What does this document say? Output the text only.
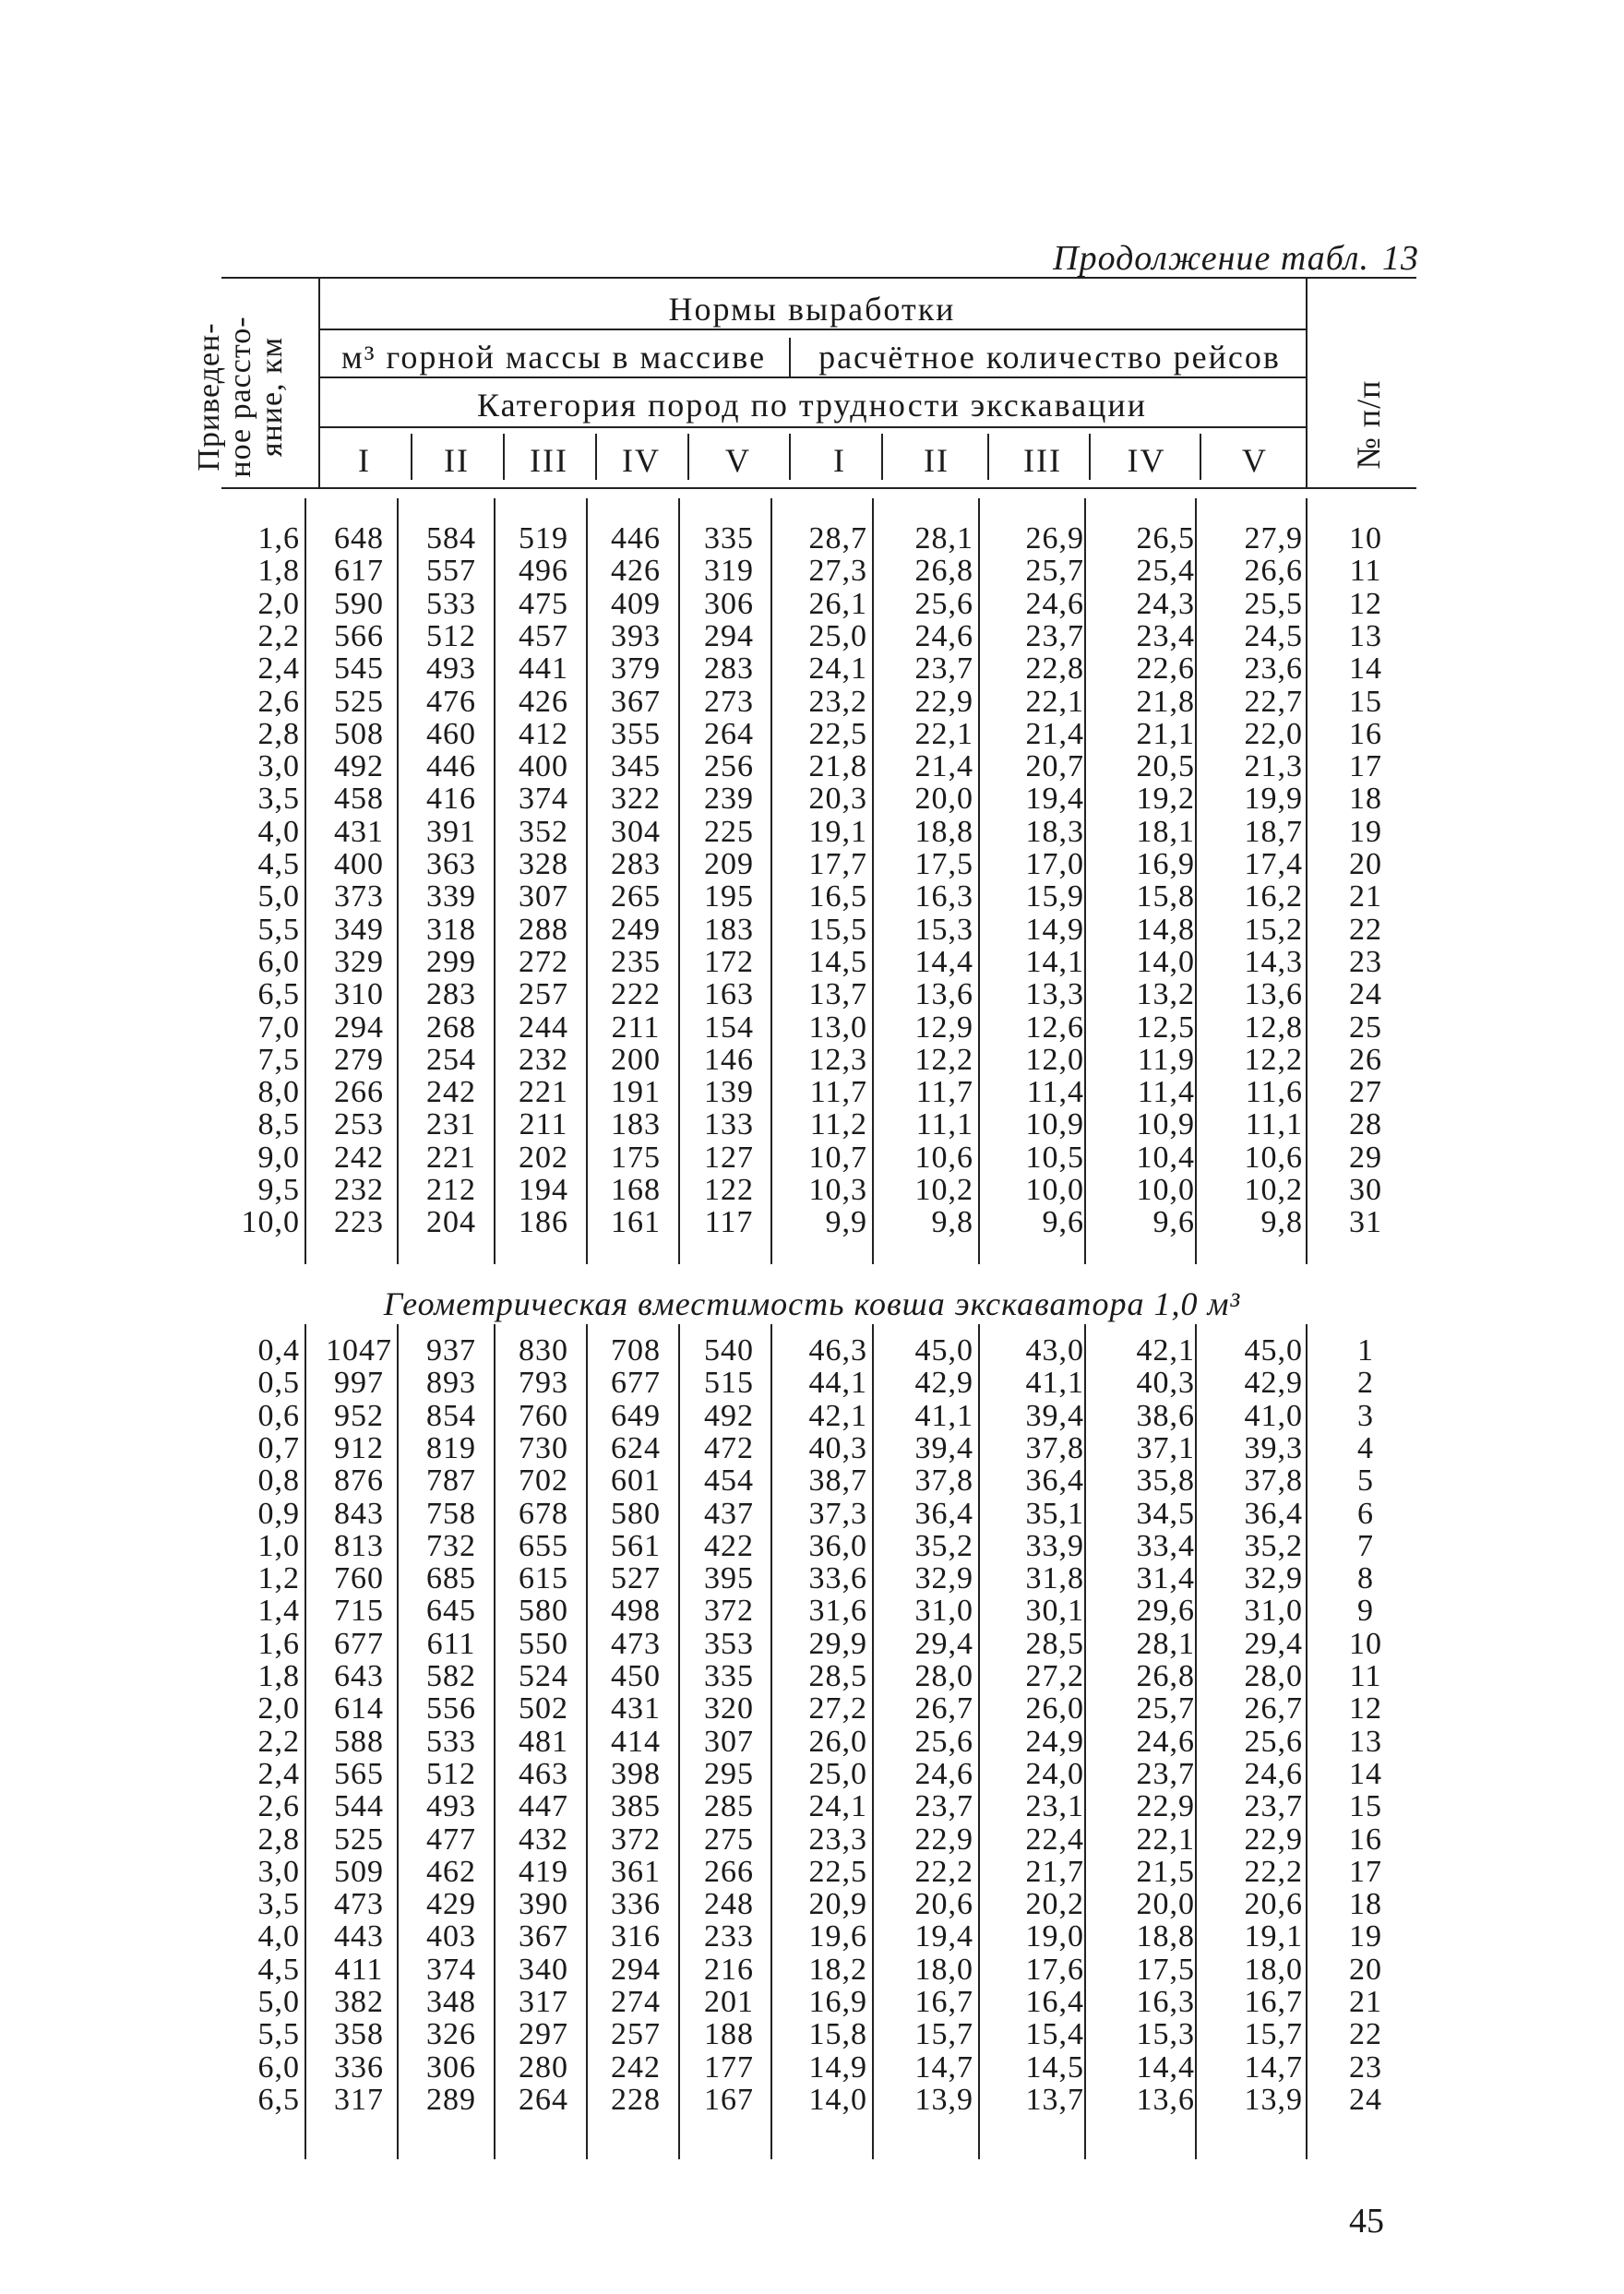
Продолжение табл. 13
Приведен-
ное рассто-
яние, км
Нормы выработки
м³ горной массы в массиве	расчётное количество рейсов
Категория пород по трудности экскавации
I	II	III	IV	V	I	II	III	IV	V	№ п/п
1,6	648	584	519	446	335	28,7	28,1	26,9	26,5	27,9	10
1,8	617	557	496	426	319	27,3	26,8	25,7	25,4	26,6	11
2,0	590	533	475	409	306	26,1	25,6	24,6	24,3	25,5	12
2,2	566	512	457	393	294	25,0	24,6	23,7	23,4	24,5	13
2,4	545	493	441	379	283	24,1	23,7	22,8	22,6	23,6	14
2,6	525	476	426	367	273	23,2	22,9	22,1	21,8	22,7	15
2,8	508	460	412	355	264	22,5	22,1	21,4	21,1	22,0	16
3,0	492	446	400	345	256	21,8	21,4	20,7	20,5	21,3	17
3,5	458	416	374	322	239	20,3	20,0	19,4	19,2	19,9	18
4,0	431	391	352	304	225	19,1	18,8	18,3	18,1	18,7	19
4,5	400	363	328	283	209	17,7	17,5	17,0	16,9	17,4	20
5,0	373	339	307	265	195	16,5	16,3	15,9	15,8	16,2	21
5,5	349	318	288	249	183	15,5	15,3	14,9	14,8	15,2	22
6,0	329	299	272	235	172	14,5	14,4	14,1	14,0	14,3	23
6,5	310	283	257	222	163	13,7	13,6	13,3	13,2	13,6	24
7,0	294	268	244	211	154	13,0	12,9	12,6	12,5	12,8	25
7,5	279	254	232	200	146	12,3	12,2	12,0	11,9	12,2	26
8,0	266	242	221	191	139	11,7	11,7	11,4	11,4	11,6	27
8,5	253	231	211	183	133	11,2	11,1	10,9	10,9	11,1	28
9,0	242	221	202	175	127	10,7	10,6	10,5	10,4	10,6	29
9,5	232	212	194	168	122	10,3	10,2	10,0	10,0	10,2	30
10,0	223	204	186	161	117	9,9	9,8	9,6	9,6	9,8	31
Геометрическая вместимость ковша экскаватора 1,0 м³
0,4 1047	937	830	708	540	46,3	45,0	43,0	42,1	45,0	1
0,5	997	893	793	677	515	44,1	42,9	41,1	40,3	42,9	2
0,6	952	854	760	649	492	42,1	41,1	39,4	38,6	41,0	3
0,7	912	819	730	624	472	40,3	39,4	37,8	37,1	39,3	4
0,8	876	787	702	601	454	38,7	37,8	36,4	35,8	37,8	5
0,9	843	758	678	580	437	37,3	36,4	35,1	34,5	36,4	6
1,0	813	732	655	561	422	36,0	35,2	33,9	33,4	35,2	7
1,2	760	685	615	527	395	33,6	32,9	31,8	31,4	32,9	8
1,4	715	645	580	498	372	31,6	31,0	30,1	29,6	31,0	9
1,6	677	611	550	473	353	29,9	29,4	28,5	28,1	29,4	10
1,8	643	582	524	450	335	28,5	28,0	27,2	26,8	28,0	11
2,0	614	556	502	431	320	27,2	26,7	26,0	25,7	26,7	12
2,2	588	533	481	414	307	26,0	25,6	24,9	24,6	25,6	13
2,4	565	512	463	398	295	25,0	24,6	24,0	23,7	24,6	14
2,6	544	493	447	385	285	24,1	23,7	23,1	22,9	23,7	15
2,8	525	477	432	372	275	23,3	22,9	22,4	22,1	22,9	16
3,0	509	462	419	361	266	22,5	22,2	21,7	21,5	22,2	17
3,5	473	429	390	336	248	20,9	20,6	20,2	20,0	20,6	18
4,0	443	403	367	316	233	19,6	19,4	19,0	18,8	19,1	19
4,5	411	374	340	294	216	18,2	18,0	17,6	17,5	18,0	20
5,0	382	348	317	274	201	16,9	16,7	16,4	16,3	16,7	21
5,5	358	326	297	257	188	15,8	15,7	15,4	15,3	15,7	22
6,0	336	306	280	242	177	14,9	14,7	14,5	14,4	14,7	23
6,5	317	289	264	228	167	14,0	13,9	13,7	13,6	13,9	24
45
